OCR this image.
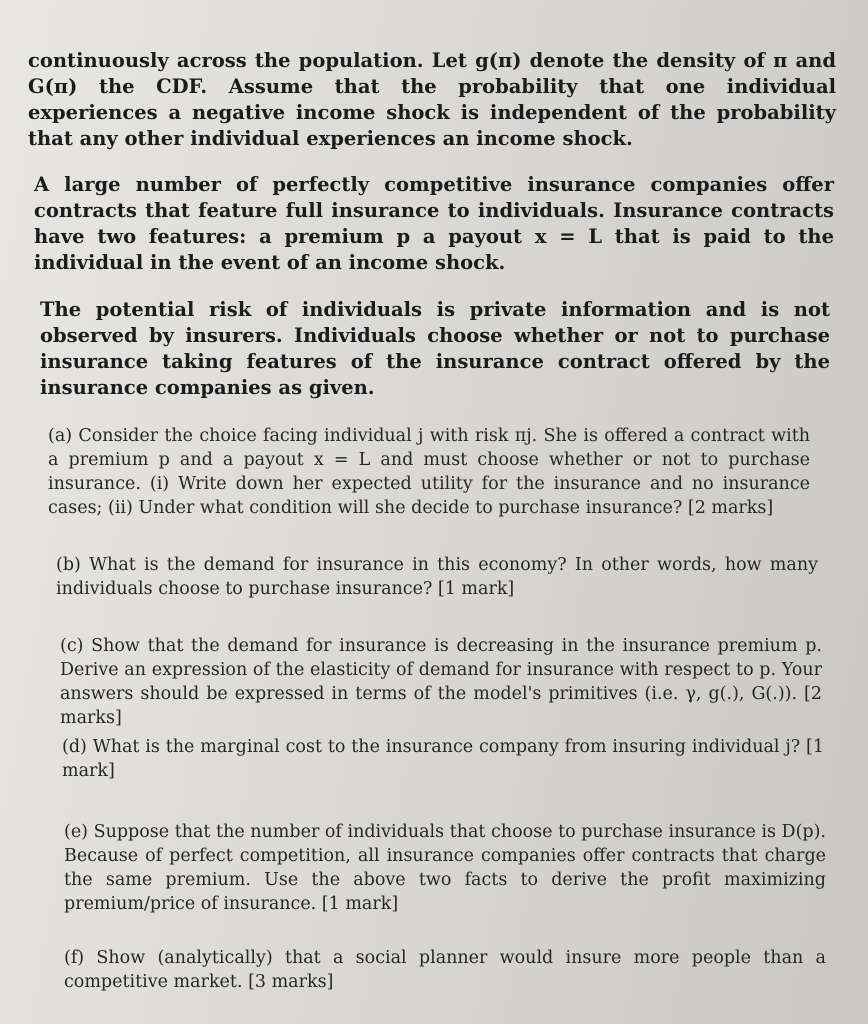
continuously across the population. Let g(π) denote the density of π and G(π) the CDF. Assume that the probability that one individual experiences a negative income shock is independent of the probability that any other individual experiences an income shock.

A large number of perfectly competitive insurance companies offer contracts that feature full insurance to individuals. Insurance contracts have two features: a premium p a payout x = L that is paid to the individual in the event of an income shock.

The potential risk of individuals is private information and is not observed by insurers. Individuals choose whether or not to purchase insurance taking features of the insurance contract offered by the insurance companies as given.

(a) Consider the choice facing individual j with risk πj. She is offered a contract with a premium p and a payout x = L and must choose whether or not to purchase insurance. (i) Write down her expected utility for the insurance and no insurance cases; (ii) Under what condition will she decide to purchase insurance? [2 marks]

(b) What is the demand for insurance in this economy? In other words, how many individuals choose to purchase insurance? [1 mark]

(c) Show that the demand for insurance is decreasing in the insurance premium p. Derive an expression of the elasticity of demand for insurance with respect to p. Your answers should be expressed in terms of the model's primitives (i.e. γ, g(.), G(.)). [2 marks]

(d) What is the marginal cost to the insurance company from insuring individual j? [1 mark]

(e) Suppose that the number of individuals that choose to purchase insurance is D(p). Because of perfect competition, all insurance companies offer contracts that charge the same premium. Use the above two facts to derive the profit maximizing premium/price of insurance. [1 mark]

(f) Show (analytically) that a social planner would insure more people than a competitive market. [3 marks]
